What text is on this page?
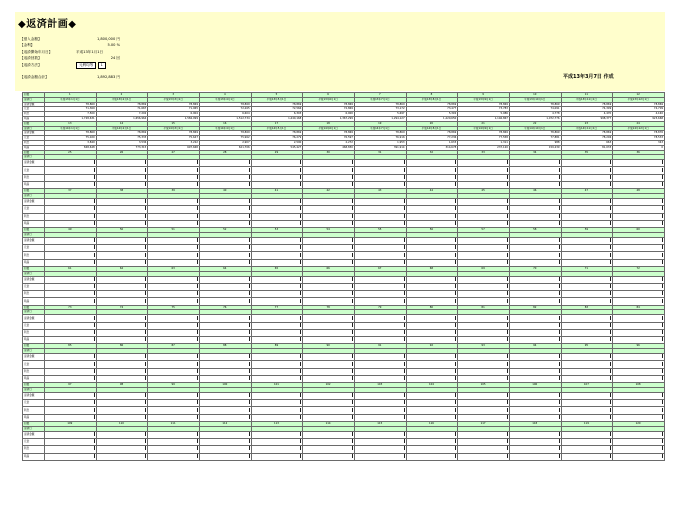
◆返済計画◆
【借入金額】	1,800,000 円
【金利】	5.00 %
【返済開始年月日】	平成13年1月1日
【返済回数】	24 回
【返済方法】	元利均等 1
【返済金額合計】	1,892,883 円	平成13年3月7日 作成
回数	1	2	3	4	5	6	7	8	9	10	11	12
返済日	平成13年1月1日	平成13年2月1日	平成13年3月1日	平成13年4月1日	平成13年5月1日	平成13年6月1日	平成13年7月1日	平成13年8月1日	平成13年9月1日	平成13年10月1日	平成13年11月1日	平成13年12月1日
返済金額	78,869	78,869	78,869	78,869	78,869	78,869	78,869	78,869	78,869	78,869	78,869	78,869
元金	71,369	71,667	71,965	72,265	72,566	72,869	73,172	73,477	73,783	74,091	74,399	74,709
利息	7,500	7,202	6,904	6,604	6,303	6,000	5,697	5,392	5,086	4,778	4,470	4,160
残高	1,728,631	1,656,964	1,584,999	1,512,734	1,440,168	1,367,299	1,294,127	1,220,650	1,146,867	1,072,776	998,377	923,668
回数	13	14	15	16	17	18	19	20	21	22	23	24
返済日	平成14年1月1日	平成14年2月1日	平成14年3月1日	平成14年4月1日	平成14年5月1日	平成14年6月1日	平成14年7月1日	平成14年8月1日	平成14年9月1日	平成14年10月1日	平成14年11月1日	平成14年12月1日
返済金額	78,869	78,869	78,869	78,869	78,869	78,869	78,869	78,869	78,869	78,869	78,869	78,876
元金	75,020	75,333	75,647	75,962	76,279	76,597	76,916	77,236	77,558	77,881	78,206	78,533
利息	3,849	3,536	3,222	2,907	2,590	2,272	1,953	1,633	1,311	988	663	343
残高	848,648	773,315	697,668	621,706	545,427	468,830	391,914	314,678	237,120	159,239	81,033	0
回数	25	26	27	28	29	30	31	32	33	34	35	36
返済日												
返済金額												
元金												
利息												
残高												
回数	37	38	39	40	41	42	43	44	45	46	47	48
返済日												
返済金額												
元金												
利息												
残高												
回数	49	50	51	52	53	54	55	56	57	58	59	60
返済日												
返済金額												
元金												
利息												
残高												
回数	61	62	63	64	65	66	67	68	69	70	71	72
返済日												
返済金額												
元金												
利息												
残高												
回数	73	74	75	76	77	78	79	80	81	82	83	84
返済日												
返済金額												
元金												
利息												
残高												
回数	85	86	87	88	89	90	91	92	93	94	95	96
返済日												
返済金額												
元金												
利息												
残高												
回数	97	98	99	100	101	102	103	104	105	106	107	108
返済日												
返済金額												
元金												
利息												
残高												
回数	109	110	111	112	113	114	115	116	117	118	119	120
返済日												
返済金額												
元金												
利息												
残高												
